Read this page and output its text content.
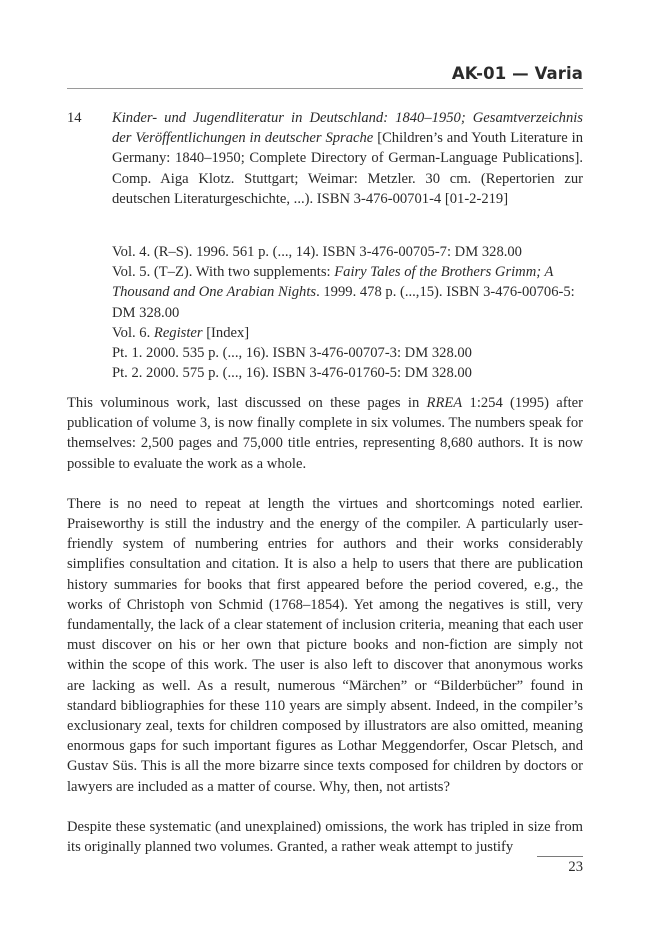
AK-01 — Varia
14	Kinder- und Jugendliteratur in Deutschland: 1840–1950; Gesamtverzeichnis der Veröffentlichungen in deutscher Sprache [Children’s and Youth Literature in Germany: 1840–1950; Complete Directory of German-Language Publications]. Comp. Aiga Klotz. Stuttgart; Weimar: Metzler. 30 cm. (Repertorien zur deutschen Literaturgeschichte, ...). ISBN 3-476-00701-4 [01-2-219]
Vol. 4. (R–S). 1996. 561 p. (..., 14). ISBN 3-476-00705-7: DM 328.00
Vol. 5. (T–Z). With two supplements: Fairy Tales of the Brothers Grimm; A Thousand and One Arabian Nights. 1999. 478 p. (...,15). ISBN 3-476-00706-5: DM 328.00
Vol. 6. Register [Index]
Pt. 1. 2000. 535 p. (..., 16). ISBN 3-476-00707-3: DM 328.00
Pt. 2. 2000. 575 p. (..., 16). ISBN 3-476-01760-5: DM 328.00

This voluminous work, last discussed on these pages in RREA 1:254 (1995) after publication of volume 3, is now finally complete in six volumes. The numbers speak for themselves: 2,500 pages and 75,000 title entries, representing 8,680 authors. It is now possible to evaluate the work as a whole.

There is no need to repeat at length the virtues and shortcomings noted earlier. Praiseworthy is still the industry and the energy of the compiler. A particularly user-friendly system of numbering entries for authors and their works considerably simplifies consultation and citation. It is also a help to users that there are publication history summaries for books that first appeared before the period covered, e.g., the works of Christoph von Schmid (1768–1854). Yet among the negatives is still, very fundamentally, the lack of a clear statement of inclusion criteria, meaning that each user must discover on his or her own that picture books and non-fiction are simply not within the scope of this work. The user is also left to discover that anonymous works are lacking as well. As a result, numerous “Märchen” or “Bilderbücher” found in standard bibliographies for these 110 years are simply absent. Indeed, in the compiler’s exclusionary zeal, texts for children composed by illustrators are also omitted, meaning enormous gaps for such important figures as Lothar Meggendorfer, Oscar Pletsch, and Gustav Süs. This is all the more bizarre since texts composed for children by doctors or lawyers are included as a matter of course. Why, then, not artists?

Despite these systematic (and unexplained) omissions, the work has tripled in size from its originally planned two volumes. Granted, a rather weak attempt to justify

23
